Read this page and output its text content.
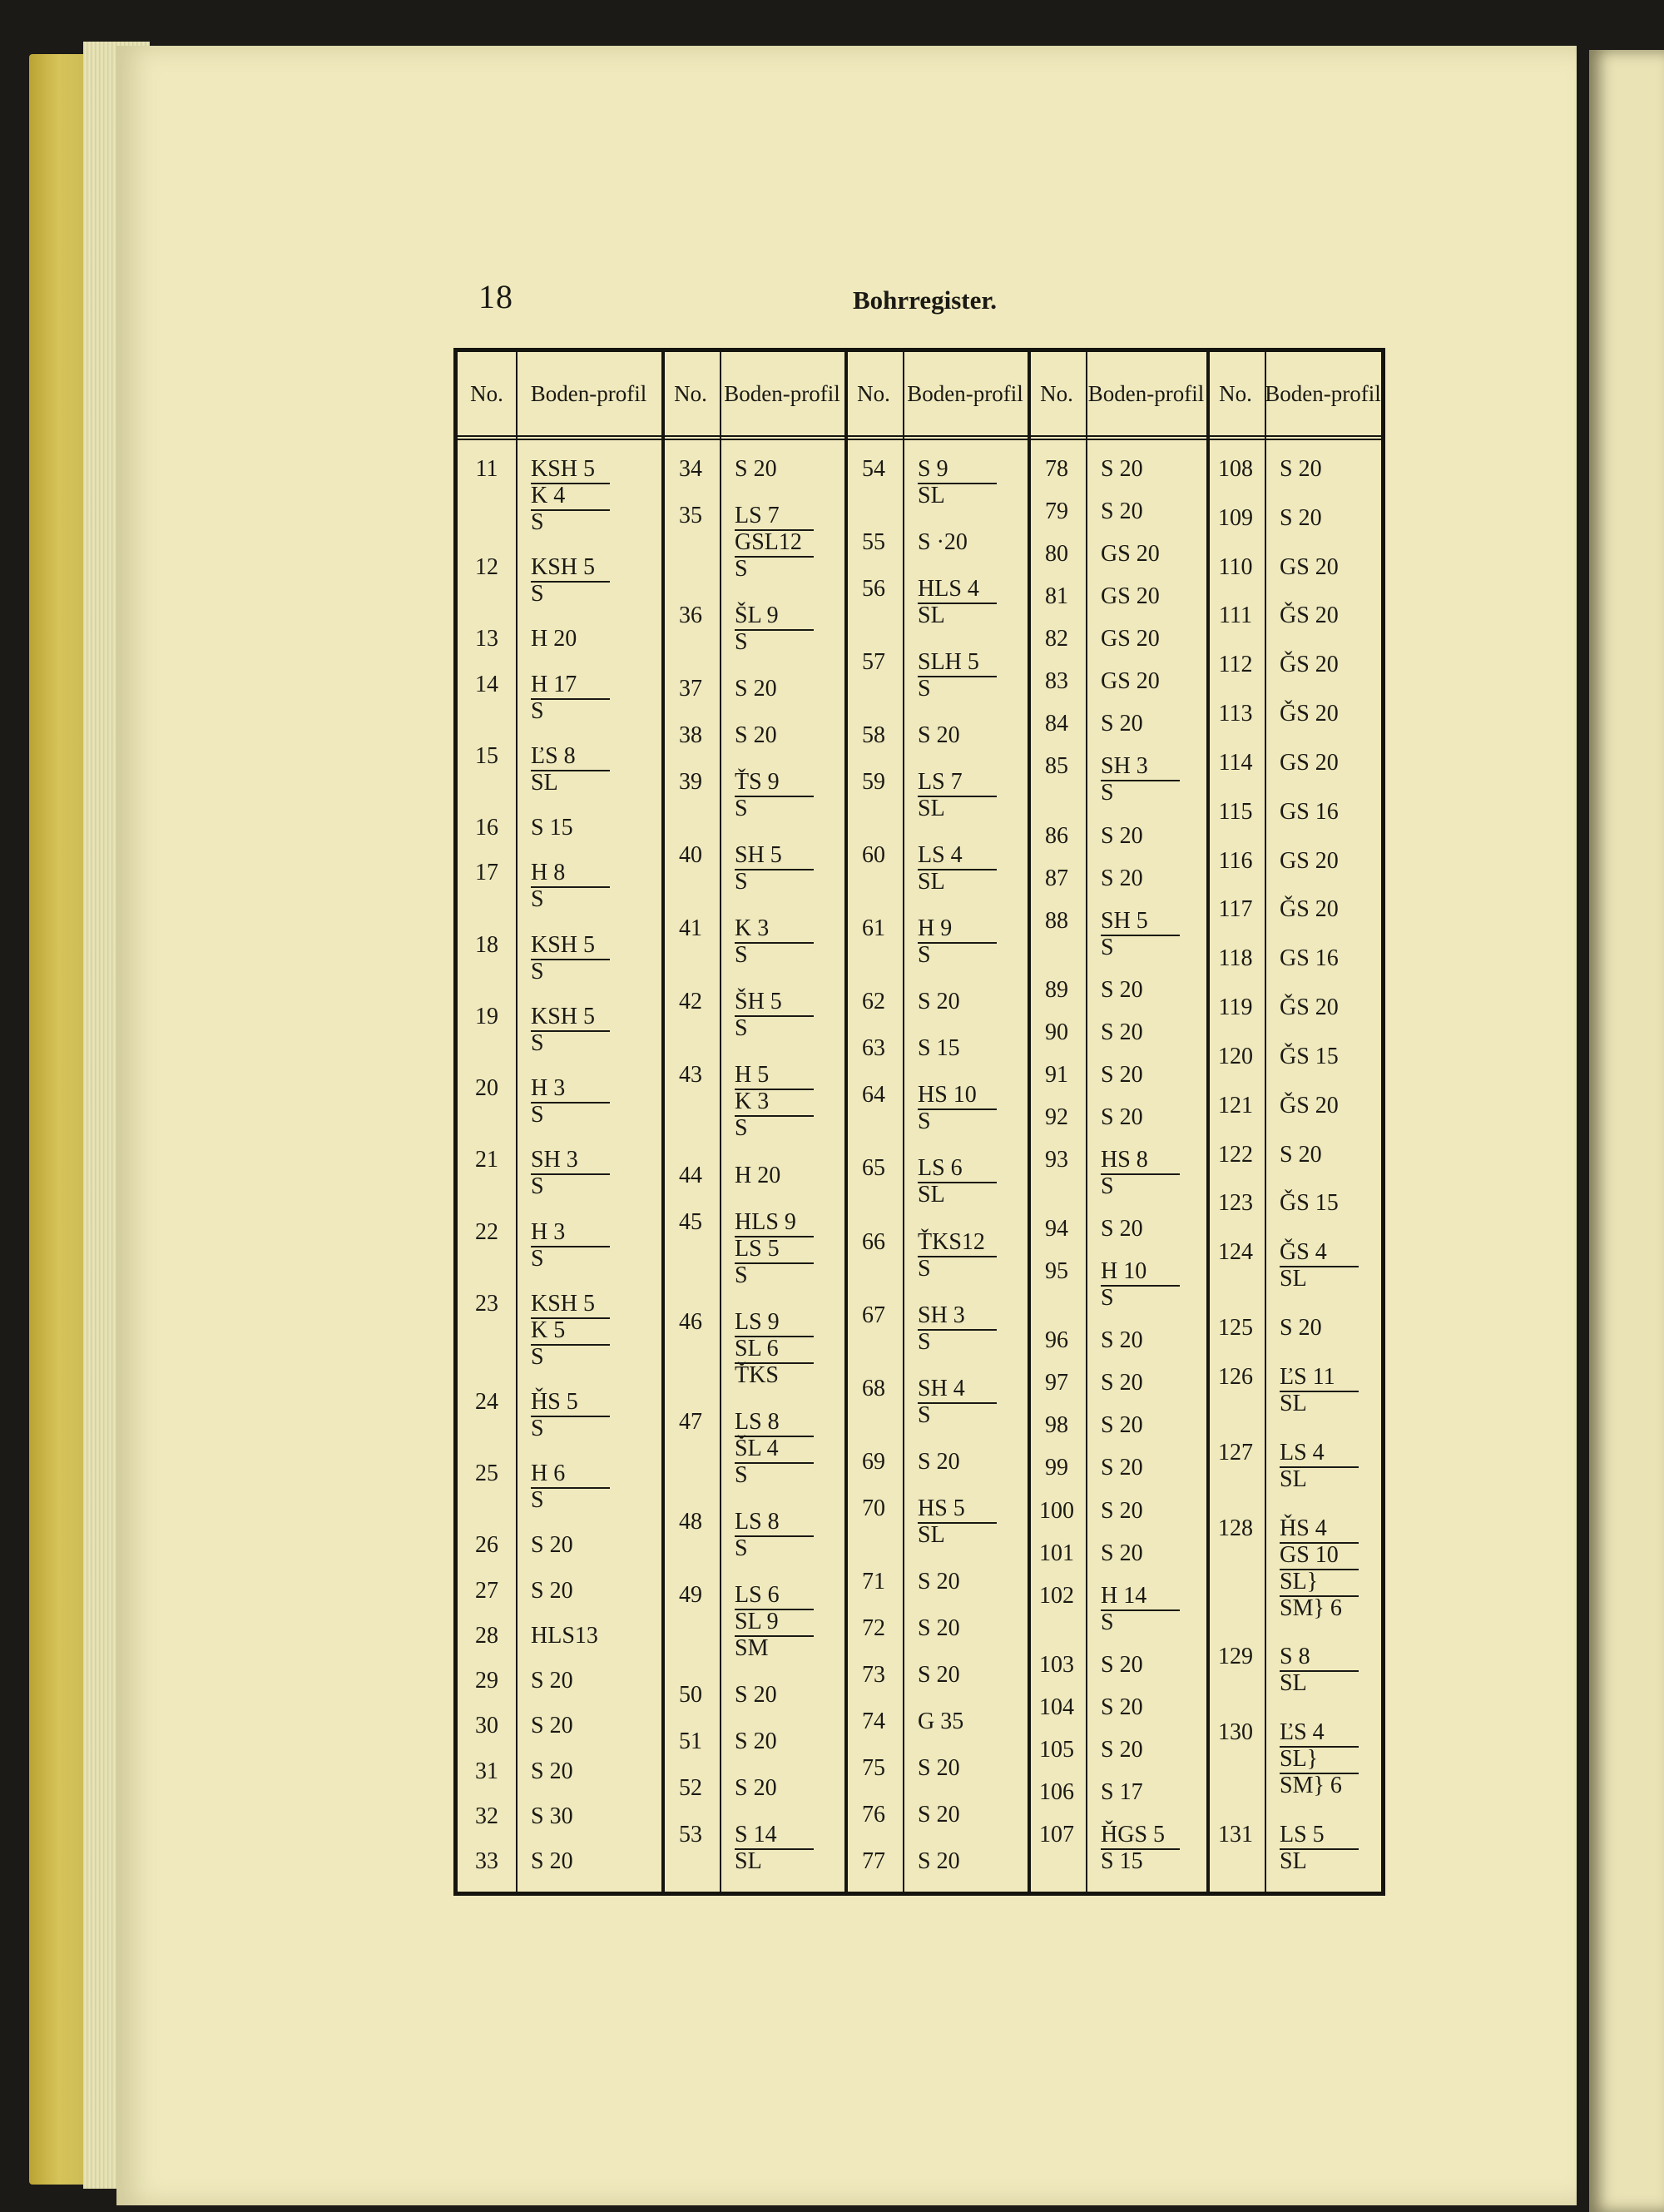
18	Bohrregister.
No.	Boden- profil	No. Boden- profil No. Boden- profil No. Boden- profil No. Boden- profil
11	KSH 5
K 4
S
12	KSH 5
S
13	H 20
14	H 17
S
15	ĽS 8
SL
16	S 15
17	H 8
S
18	KSH 5
S
19	KSH 5
S
20	H 3
S
21	SH 3
S
22	H 3
S
23	KSH 5
K 5
S
24	ȞS 5
S
25	H 6
S
26	S 20
27	S 20
28	HLS13
29	S 20
30	S 20
31	S 20
32	S 30
33	S 20
34	S 20
35	LS 7
GSL12
S
36	ŠL 9
S
37	S 20
38	S 20
39	ŤS 9
S
40	SH 5
S
41	K 3
S
42	ŠH 5
S
43	H 5
K 3
S
44	H 20
45	HLS 9
LS 5
S
46	LS 9
SL 6
ŤKS
47	LS 8
ŠL 4
S
48	LS 8
S
49	LS 6
SL 9
SM
50	S 20
51	S 20
52	S 20
53	S 14
SL
54	S 9
SL
55	S ·20
56	HLS 4
SL
57	SLH 5
S
58	S 20
59	LS 7
SL
60	LS 4
SL
61	H 9
S
62	S 20
63	S 15
64	HS 10
S
65	LS 6
SL
66	ŤKS12
S
67	SH 3
S
68	SH 4
S
69	S 20
70	HS 5
SL
71	S 20
72	S 20
73	S 20
74	G 35
75	S 20
76	S 20
77	S 20
78	S 20
79	S 20
80	GS 20
81	GS 20
82	GS 20
83	GS 20
84	S 20
85	SH 3
S
86	S 20
87	S 20
88	SH 5
S
89	S 20
90	S 20
91	S 20
92	S 20
93	HS 8
S
94	S 20
95	H 10
S
96	S 20
97	S 20
98	S 20
99	S 20
100	S 20
101	S 20
102	H 14
S
103	S 20
104	S 20
105	S 20
106	S 17
107	ȞGS 5
S 15
108	S 20
109	S 20
110	GS 20
111	ǦS 20
112	ǦS 20
113	ǦS 20
114	GS 20
115	GS 16
116	GS 20
117	ǦS 20
118	GS 16
119	ǦS 20
120	ǦS 15
121	ǦS 20
122	S 20
123	ǦS 15
124	ǦS 4
SL
125	S 20
126	ĽS 11
SL
127	LS 4
SL
128	ȞS 4
GS 10
SL}
SM} 6
129	S 8
SL
130	ĽS 4
SL}
SM} 6
131	LS 5
SL
